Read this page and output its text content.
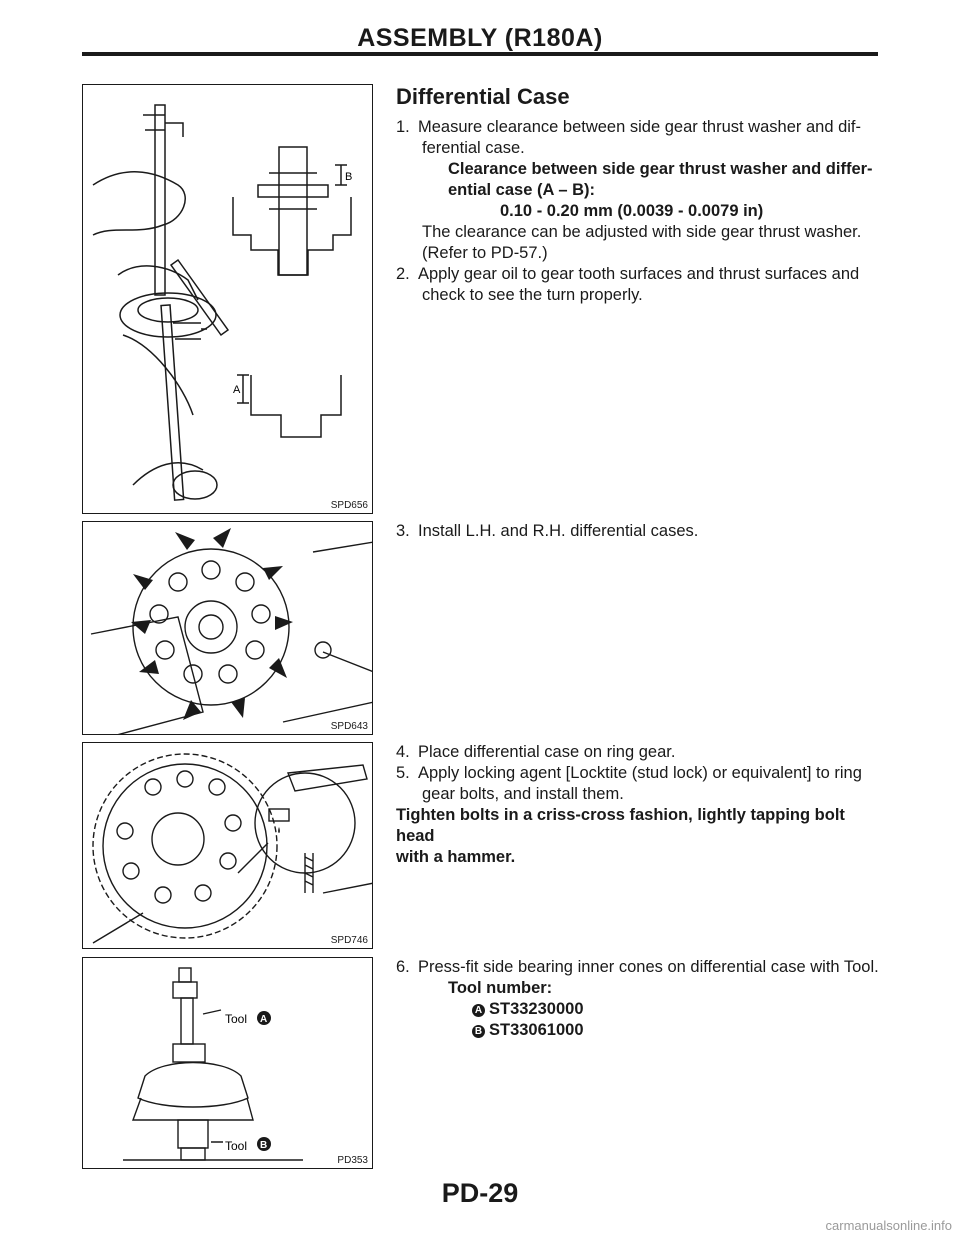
ASSEMBLY (R180A)
B
A
SPD656
SPD643
SPD746
Tool A
Tool B
PD353
Differential Case
1. Measure clearance between side gear thrust washer and dif-
ferential case.
Clearance between side gear thrust washer and differ-
ential case (A – B):
0.10 - 0.20 mm (0.0039 - 0.0079 in)
The clearance can be adjusted with side gear thrust washer.
(Refer to PD-57.)
2. Apply gear oil to gear tooth surfaces and thrust surfaces and
check to see the turn properly.
3. Install L.H. and R.H. differential cases.
4. Place differential case on ring gear.
5. Apply locking agent [Locktite (stud lock) or equivalent] to ring
gear bolts, and install them.
Tighten bolts in a criss-cross fashion, lightly tapping bolt head
with a hammer.
6. Press-fit side bearing inner cones on differential case with Tool.
Tool number:
A ST33230000
B ST33061000
PD-29
carmanualsonline.info
